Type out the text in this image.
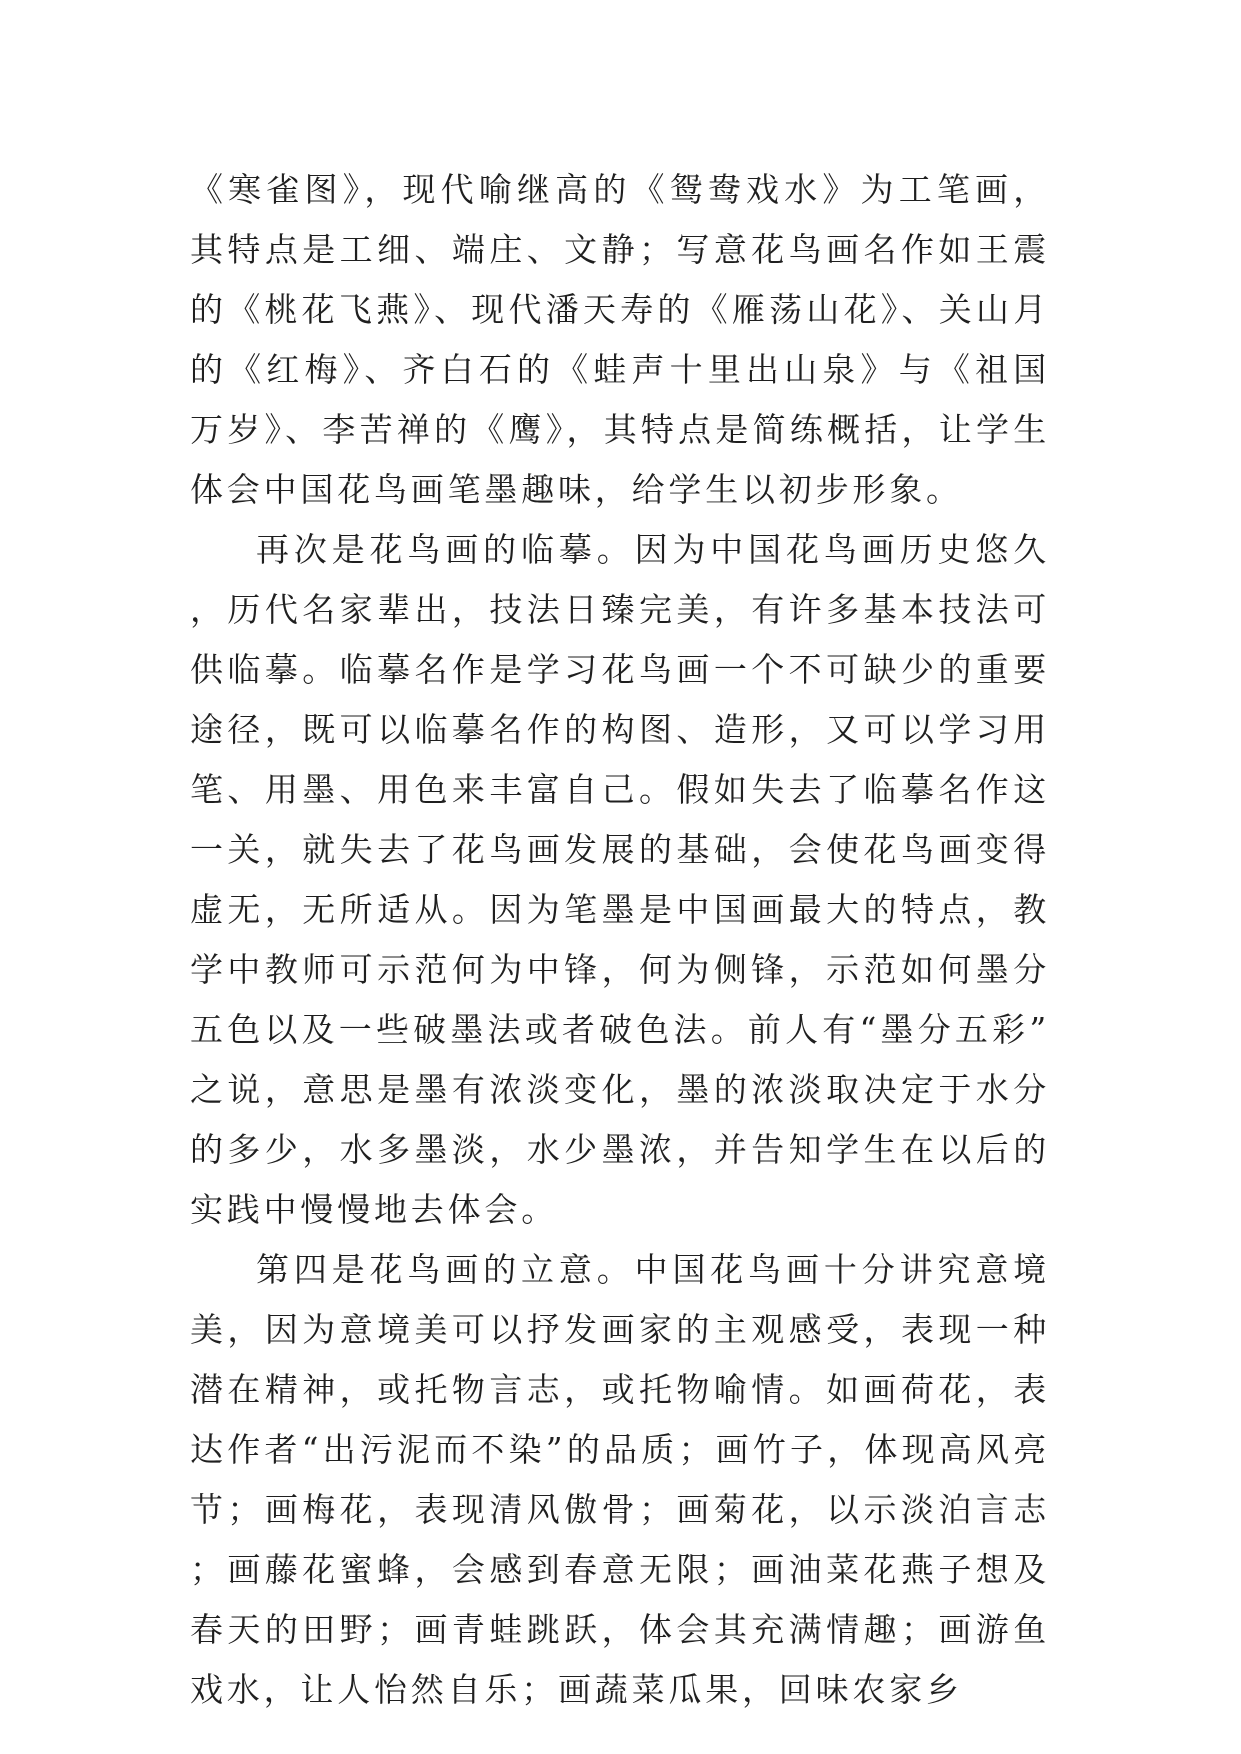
《寒雀图》，现代喻继高的《鸳鸯戏水》为工笔画，其特点是工细、端庄、文静；写意花鸟画名作如王震的《桃花飞燕》、现代潘天寿的《雁荡山花》、关山月的《红梅》、齐白石的《蛙声十里出山泉》与《祖国万岁》、李苦禅的《鹰》，其特点是简练概括，让学生体会中国花鸟画笔墨趣味，给学生以初步形象。

再次是花鸟画的临摹。因为中国花鸟画历史悠久，历代名家辈出，技法日臻完美，有许多基本技法可供临摹。临摹名作是学习花鸟画一个不可缺少的重要途径，既可以临摹名作的构图、造形，又可以学习用笔、用墨、用色来丰富自己。假如失去了临摹名作这一关，就失去了花鸟画发展的基础，会使花鸟画变得虚无，无所适从。因为笔墨是中国画最大的特点，教学中教师可示范何为中锋，何为侧锋，示范如何墨分五色以及一些破墨法或者破色法。前人有“墨分五彩”之说，意思是墨有浓淡变化，墨的浓淡取决定于水分的多少，水多墨淡，水少墨浓，并告知学生在以后的实践中慢慢地去体会。

第四是花鸟画的立意。中国花鸟画十分讲究意境美，因为意境美可以抒发画家的主观感受，表现一种潜在精神，或托物言志，或托物喻情。如画荷花，表达作者“出污泥而不染”的品质；画竹子，体现高风亮节；画梅花，表现清风傲骨；画菊花，以示淡泊言志；画藤花蜜蜂，会感到春意无限；画油菜花燕子想及春天的田野；画青蛙跳跃，体会其充满情趣；画游鱼戏水，让人怡然自乐；画蔬菜瓜果，回味农家乡
